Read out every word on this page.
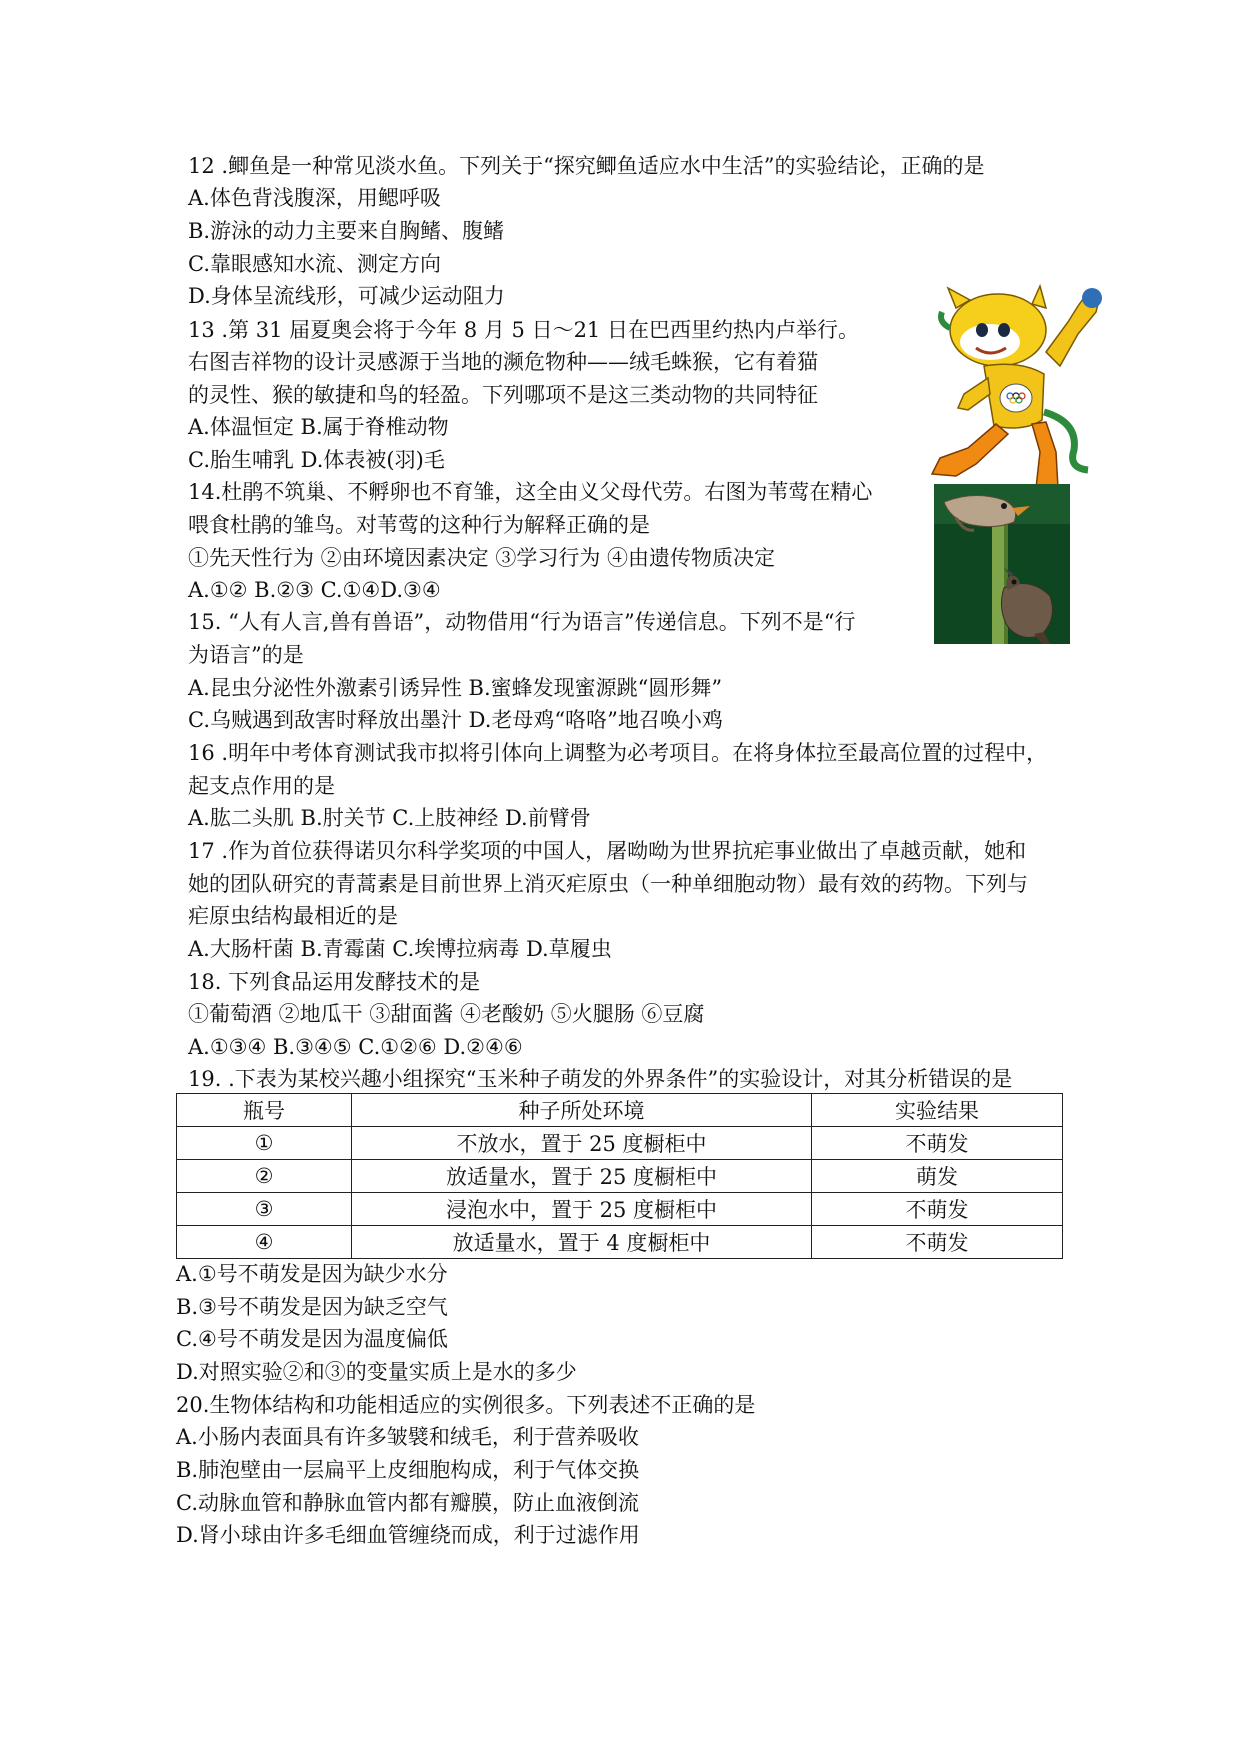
12 .鲫鱼是一种常见淡水鱼。下列关于“探究鲫鱼适应水中生活”的实验结论，正确的是
A.体色背浅腹深，用鳃呼吸
B.游泳的动力主要来自胸鳍、腹鳍
C.靠眼感知水流、测定方向
D.身体呈流线形，可减少运动阻力
13 .第 31 届夏奥会将于今年 8 月 5 日～21 日在巴西里约热内卢举行。
右图吉祥物的设计灵感源于当地的濒危物种——绒毛蛛猴，它有着猫
的灵性、猴的敏捷和鸟的轻盈。下列哪项不是这三类动物的共同特征
A.体温恒定 B.属于脊椎动物
C.胎生哺乳 D.体表被(羽)毛
14.杜鹃不筑巢、不孵卵也不育雏，这全由义父母代劳。右图为苇莺在精心
喂食杜鹃的雏鸟。对苇莺的这种行为解释正确的是
①先天性行为 ②由环境因素决定 ③学习行为 ④由遗传物质决定
A.①② B.②③ C.①④D.③④
15. “人有人言,兽有兽语”，动物借用“行为语言”传递信息。下列不是“行
为语言”的是
A.昆虫分泌性外激素引诱异性 B.蜜蜂发现蜜源跳“圆形舞”
C.乌贼遇到敌害时释放出墨汁 D.老母鸡“咯咯”地召唤小鸡
16 .明年中考体育测试我市拟将引体向上调整为必考项目。在将身体拉至最高位置的过程中，
起支点作用的是
A.肱二头肌 B.肘关节 C.上肢神经 D.前臂骨
17 .作为首位获得诺贝尔科学奖项的中国人，屠呦呦为世界抗疟事业做出了卓越贡献，她和
她的团队研究的青蒿素是目前世界上消灭疟原虫（一种单细胞动物）最有效的药物。下列与
疟原虫结构最相近的是
A.大肠杆菌 B.青霉菌 C.埃博拉病毒 D.草履虫
18. 下列食品运用发酵技术的是
①葡萄酒 ②地瓜干 ③甜面酱 ④老酸奶 ⑤火腿肠 ⑥豆腐
A.①③④ B.③④⑤ C.①②⑥ D.②④⑥
19. .下表为某校兴趣小组探究“玉米种子萌发的外界条件”的实验设计，对其分析错误的是
瓶号	种子所处环境	实验结果
①	不放水，置于 25 度橱柜中	不萌发
②	放适量水，置于 25 度橱柜中	萌发
③	浸泡水中，置于 25 度橱柜中	不萌发
④	放适量水，置于 4 度橱柜中	不萌发
A.①号不萌发是因为缺少水分
B.③号不萌发是因为缺乏空气
C.④号不萌发是因为温度偏低
D.对照实验②和③的变量实质上是水的多少
20.生物体结构和功能相适应的实例很多。下列表述不正确的是
A.小肠内表面具有许多皱襞和绒毛，利于营养吸收
B.肺泡壁由一层扁平上皮细胞构成，利于气体交换
C.动脉血管和静脉血管内都有瓣膜，防止血液倒流
D.肾小球由许多毛细血管缠绕而成，利于过滤作用
